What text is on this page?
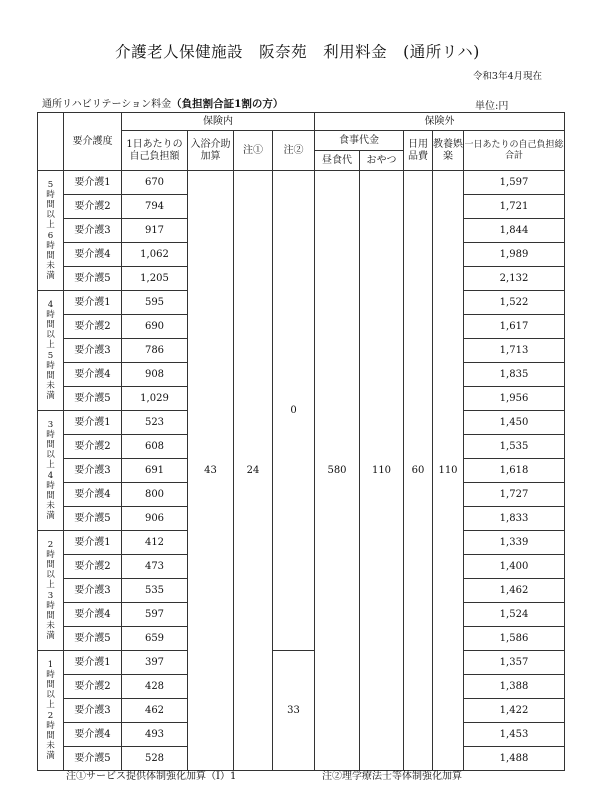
介護老人保健施設　阪奈苑　利用料金　(通所リハ)
令和3年4月現在
通所リハビリテーション料金（負担割合証1割の方）	単位:円
	要介護度	保険内				保険外				
		1日あたりの自己負担額	入浴介助加算	注①	注②	食事代金		日用品費	教養娯楽	一日あたりの自己負担総合計
						昼食代	おやつ			
5時間以上6時間未満	要介護1	670	43	24	0	580	110	60	110	1,597
	要介護2	794								1,721
	要介護3	917								1,844
	要介護4	1,062								1,989
	要介護5	1,205								2,132
4時間以上5時間未満	要介護1	595								1,522
	要介護2	690								1,617
	要介護3	786								1,713
	要介護4	908								1,835
	要介護5	1,029								1,956
3時間以上4時間未満	要介護1	523								1,450
	要介護2	608								1,535
	要介護3	691								1,618
	要介護4	800								1,727
	要介護5	906								1,833
2時間以上3時間未満	要介護1	412								1,339
	要介護2	473								1,400
	要介護3	535								1,462
	要介護4	597								1,524
	要介護5	659								1,586
1時間以上2時間未満	要介護1	397			33					1,357
	要介護2	428								1,388
	要介護3	462								1,422
	要介護4	493								1,453
	要介護5	528								1,488
注①サービス提供体制強化加算（Ⅰ）1	注②理学療法士等体制強化加算
